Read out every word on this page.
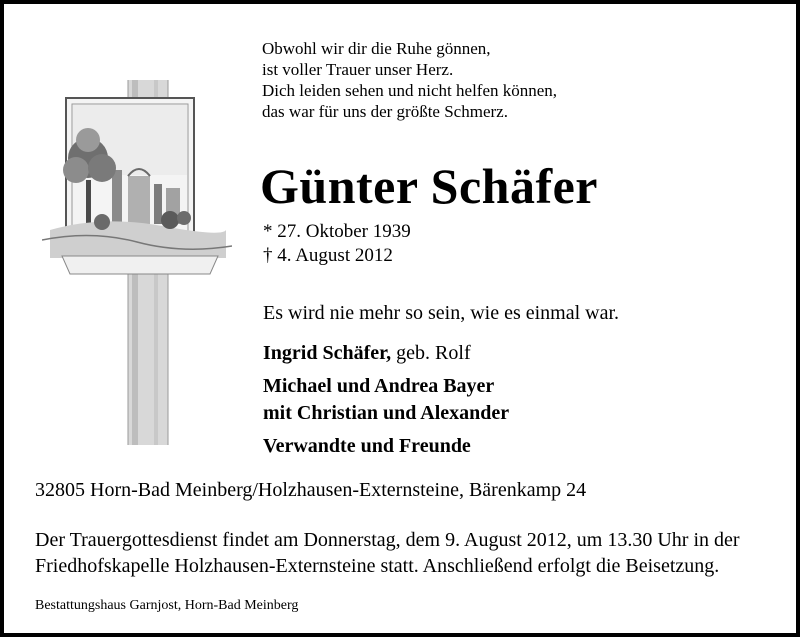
Obwohl wir dir die Ruhe gönnen,
ist voller Trauer unser Herz.
Dich leiden sehen und nicht helfen können,
das war für uns der größte Schmerz.
Günter Schäfer
* 27. Oktober 1939
† 4. August 2012
Es wird nie mehr so sein, wie es einmal war.
Ingrid Schäfer, geb. Rolf
Michael und Andrea Bayer
mit Christian und Alexander
Verwandte und Freunde
32805 Horn-Bad Meinberg/Holzhausen-Externsteine, Bärenkamp 24
Der Trauergottesdienst findet am Donnerstag, dem 9. August 2012, um 13.30 Uhr in der
Friedhofskapelle Holzhausen-Externsteine statt. Anschließend erfolgt die Beisetzung.
Bestattungshaus Garnjost, Horn-Bad Meinberg
